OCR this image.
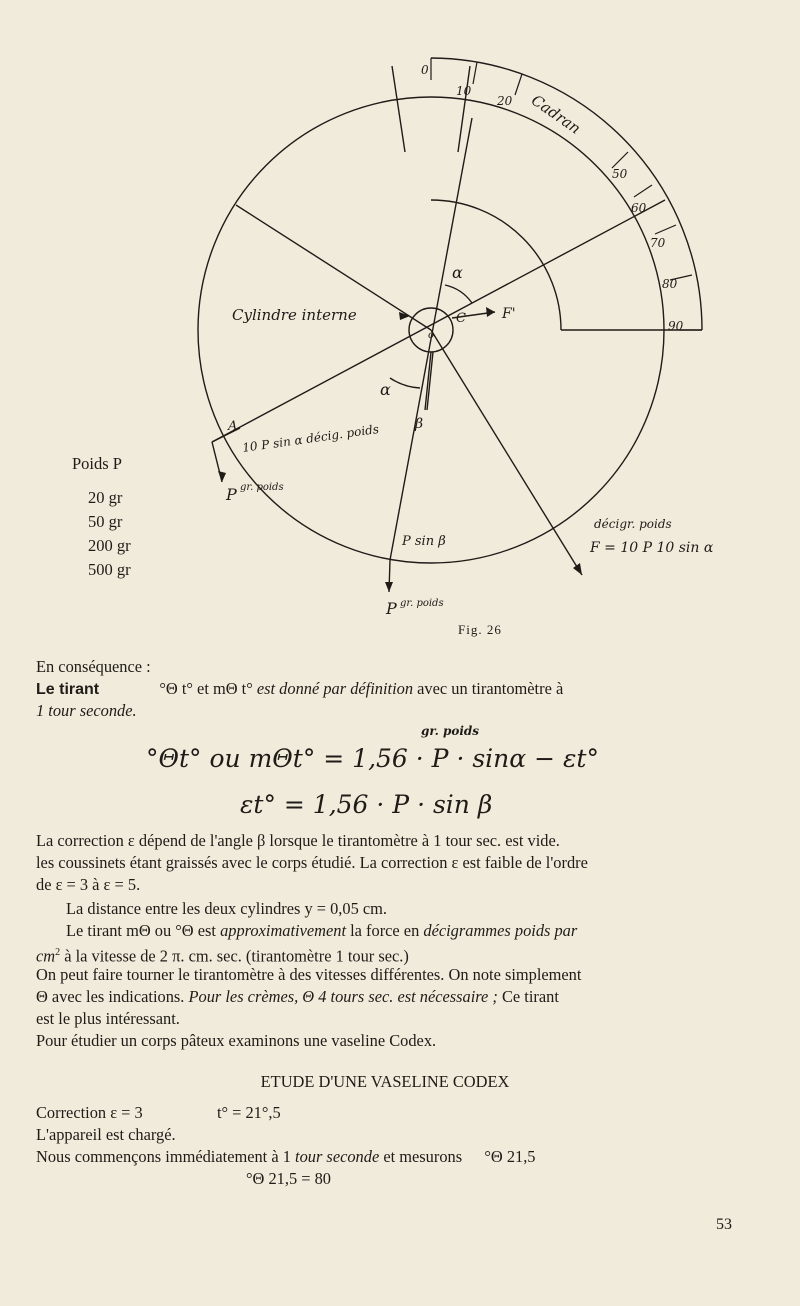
0
10
20
50
60
70
80
90
Cadran
Cylindre interne
α
α
β
C
o
F'
A 10 P sin α décig. poids
P gr. poids
P sin β
P gr. poids
décigr. poids
F = 10 P 10 sin α
Poids P
20 gr
50 gr
200 gr
500 gr
Fig. 26
En conséquence :
Le tirant	°Θ t° et mΘ t° est donné par définition avec un tirantomètre à
1 tour seconde.
gr. poids
°Θt° ou mΘt° = 1,56 · P · sinα − εt°
εt° = 1,56 · P · sin β
La correction ε dépend de l'angle β lorsque le tirantomètre à 1 tour sec. est vide.
les coussinets étant graissés avec le corps étudié. La correction ε est faible de l'ordre
de ε = 3 à ε = 5.
La distance entre les deux cylindres y = 0,05 cm.
Le tirant mΘ ou °Θ est approximativement la force en décigrammes poids par
$cm^2$ à la vitesse de 2 π. cm. sec. (tirantomètre 1 tour sec.)
On peut faire tourner le tirantomètre à des vitesses différentes. On note simplement
Θ avec les indications. Pour les crèmes, Θ 4 tours sec. est nécessaire ; Ce tirant
est le plus intéressant.
Pour étudier un corps pâteux examinons une vaseline Codex.
ETUDE D'UNE VASELINE CODEX
Correction ε = 3	t° = 21°,5
L'appareil est chargé.
Nous commençons immédiatement à 1 tour seconde et mesurons °Θ 21,5
°Θ 21,5 = 80
53
